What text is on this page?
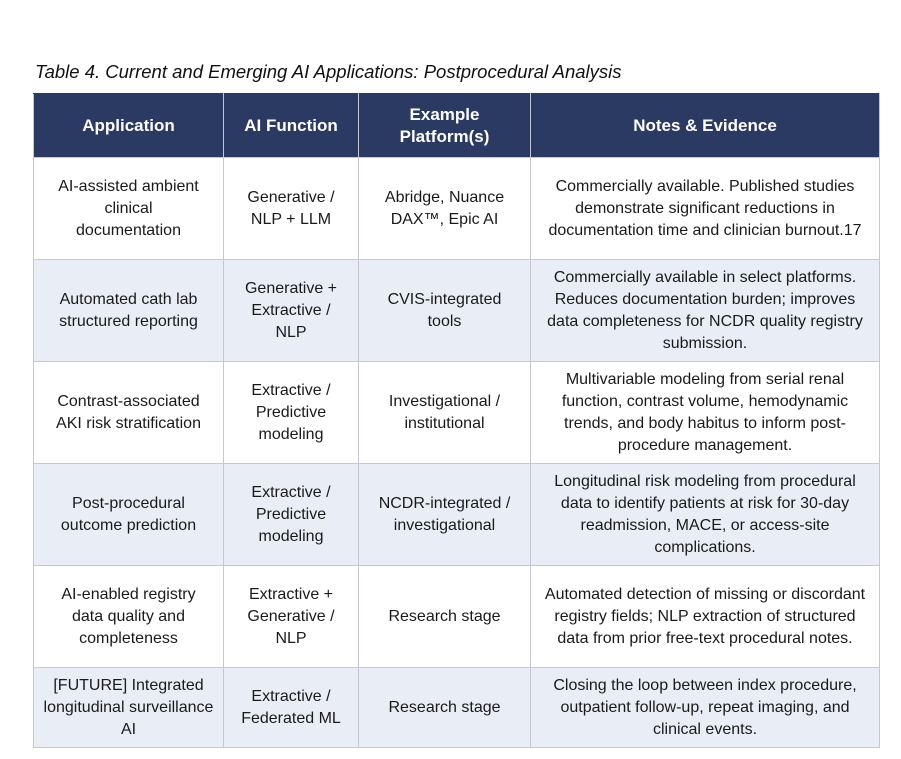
Table 4. Current and Emerging AI Applications: Postprocedural Analysis
Application	AI Function	Example Platform(s)	Notes & Evidence
AI-assisted ambient clinical documentation	Generative / NLP + LLM	Abridge, Nuance DAX™, Epic AI	Commercially available. Published studies demonstrate significant reductions in documentation time and clinician burnout.17
Automated cath lab structured reporting	Generative + Extractive / NLP	CVIS-integrated tools	Commercially available in select platforms. Reduces documentation burden; improves data completeness for NCDR quality registry submission.
Contrast-associated AKI risk stratification	Extractive / Predictive modeling	Investigational / institutional	Multivariable modeling from serial renal function, contrast volume, hemodynamic trends, and body habitus to inform post-procedure management.
Post-procedural outcome prediction	Extractive / Predictive modeling	NCDR-integrated / investigational	Longitudinal risk modeling from procedural data to identify patients at risk for 30-day readmission, MACE, or access-site complications.
AI-enabled registry data quality and completeness	Extractive + Generative / NLP	Research stage	Automated detection of missing or discordant registry fields; NLP extraction of structured data from prior free-text procedural notes.
[FUTURE] Integrated longitudinal surveillance AI	Extractive / Federated ML	Research stage	Closing the loop between index procedure, outpatient follow-up, repeat imaging, and clinical events.
